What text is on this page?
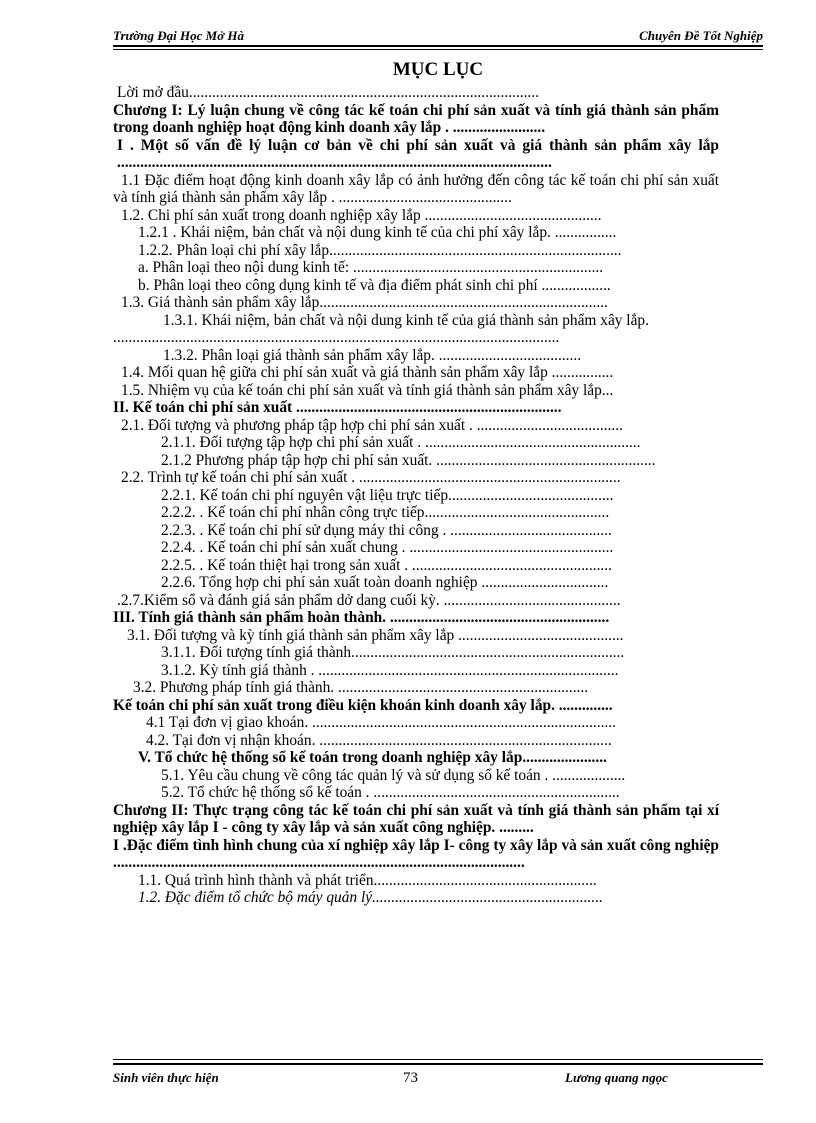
Trường Đại Học Mở Hà	Chuyên Đề Tốt Nghiệp
MỤC LỤC

Lời mở đầu...........................................................................................

Chương I: Lý luận chung về công tác kế toán chi phí sản xuất và tính giá thành sản phẩm trong doanh nghiệp hoạt động kinh doanh xây lắp . ........................

I . Một số vấn đề lý luận cơ bản về chi phí sản xuất và giá thành sản phẩm xây lắp .................................................................................................................

1.1 Đặc điểm hoạt động kinh doanh xây lắp có ảnh hưởng đến công tác kế toán chi phí sản xuất và tính giá thành sản phẩm xây lắp . .............................................

1.2. Chi phí sản xuất trong doanh nghiệp xây lắp ..............................................

1.2.1 . Khái niệm, bản chất và nội dung kinh tế của chi phí xây lắp. ................

1.2.2. Phân loại chi phí xây lắp............................................................................

a. Phân loại theo nội dung kinh tế: .................................................................

b. Phân loại theo công dụng kinh tế và địa điểm phát sinh chi phí ..................

1.3. Giá thành sản phẩm xây lắp...........................................................................

1.3.1. Khái niệm, bản chất và nội dung kinh tế của giá thành sản phẩm xây lắp.

....................................................................................................................

1.3.2. Phân loại giá thành sản phẩm xây lắp. .....................................

1.4. Mối quan hệ giữa chi phí sản xuất và giá thành sản phẩm xây lắp ................

1.5. Nhiệm vụ của kế toán chi phí sản xuất và tính giá thành sản phẩm xây lắp...

II. Kế toán chi phí sản xuất .....................................................................

2.1. Đối tượng và phương pháp tập hợp chi phí sản xuất . ......................................

2.1.1. Đối tượng tập hợp chi phí sản xuất . ........................................................

2.1.2 Phương pháp tập hợp chi phí sản xuất. .........................................................

2.2. Trình tự kế toán chi phí sản xuất . ....................................................................

2.2.1. Kế toán chi phí nguyên vật liệu trực tiếp...........................................

2.2.2. . Kế toán chi phí nhân công trực tiếp................................................

2.2.3. . Kế toán chi phí sử dụng máy thi công . ..........................................

2.2.4. . Kế toán chi phí sản xuất chung . .....................................................

2.2.5. . Kế toán thiệt hại trong sản xuất . ....................................................

2.2.6. Tổng hợp chi phí sản xuất toàn doanh nghiệp .................................

.2.7.Kiểm sổ và đánh giá sản phẩm dở dang cuối kỳ. ..............................................

III. Tính giá thành sản phẩm hoàn thành. .........................................................

3.1. Đối tượng và kỳ tính giá thành sản phẩm xây lắp ...........................................

3.1.1. Đối tượng tính giá thành.......................................................................

3.1.2. Kỳ tính giá thành . ..............................................................................

3.2. Phương pháp tính giá thành. .................................................................

Kế toán chi phí sản xuất trong điều kiện khoán kinh doanh xây lắp. ..............

4.1 Tại đơn vị giao khoán. ...............................................................................

4.2. Tại đơn vị nhận khoán. ............................................................................

V. Tổ chức hệ thống sổ kế toán trong doanh nghiệp xây lắp......................

5.1. Yêu cầu chung về công tác quản lý và sử dụng sổ kế toán . ...................

5.2. Tổ chức hệ thống sổ kế toán . ................................................................

Chương II: Thực trạng công tác kế toán chi phí sản xuất và tính giá thành sản phẩm tại xí nghiệp xây lắp I - công ty xây lắp và sản xuất công nghiệp. .........

I .Đặc điểm tình hình chung của xí nghiệp xây lắp I- công ty xây lắp và sản xuất công nghiệp ...........................................................................................................

1.1. Quá trình hình thành và phát triển..........................................................

1.2. Đặc điểm tổ chức bộ máy quản lý............................................................

Sinh viên thực hiện	73	Lương quang ngọc
